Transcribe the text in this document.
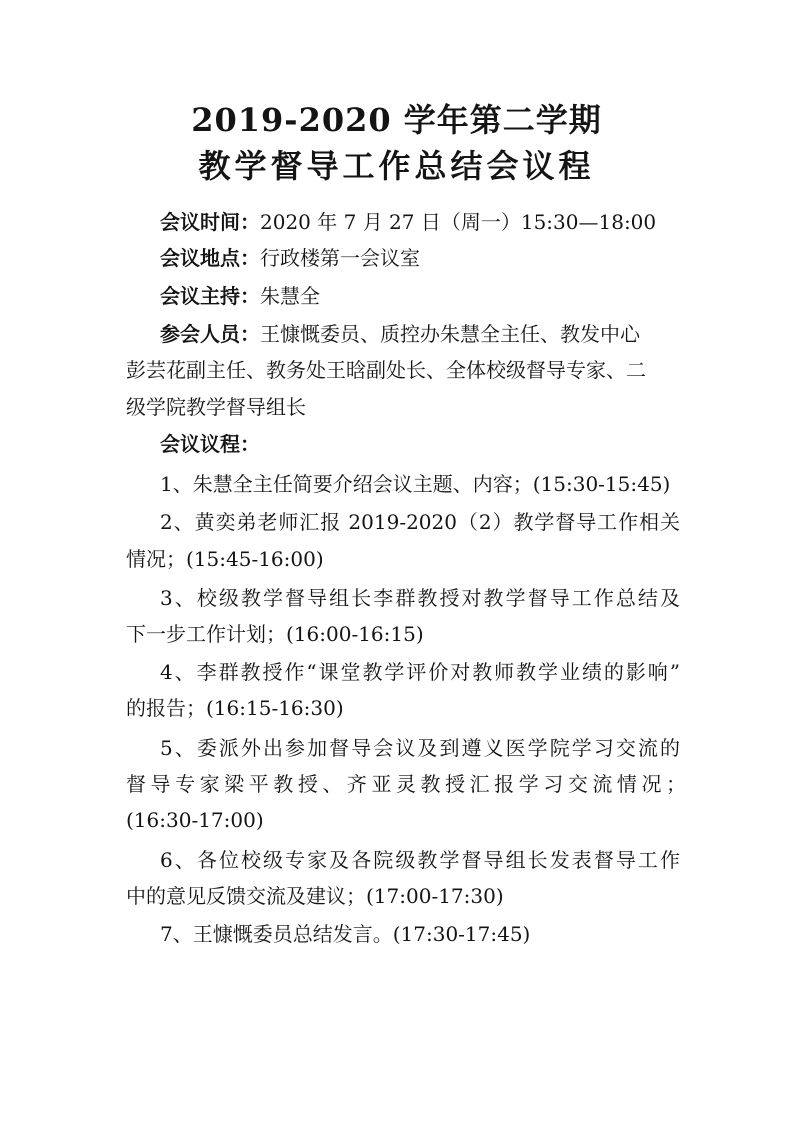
2019-2020 学年第二学期
教学督导工作总结会议程
会议时间：2020 年 7 月 27 日（周一）15:30—18:00
会议地点：行政楼第一会议室
会议主持：朱慧全
参会人员：王慷慨委员、质控办朱慧全主任、教发中心
彭芸花副主任、教务处王晗副处长、全体校级督导专家、二
级学院教学督导组长
会议议程：
1、朱慧全主任简要介绍会议主题、内容；(15:30-15:45)
2、黄奕弟老师汇报 2019-2020（2）教学督导工作相关
情况；(15:45-16:00)
3、校级教学督导组长李群教授对教学督导工作总结及
下一步工作计划；(16:00-16:15)
4、李群教授作“课堂教学评价对教师教学业绩的影响”
的报告；(16:15-16:30)
5、委派外出参加督导会议及到遵义医学院学习交流的
督导专家梁平教授、齐亚灵教授汇报学习交流情况；
(16:30-17:00)
6、各位校级专家及各院级教学督导组长发表督导工作
中的意见反馈交流及建议；(17:00-17:30)
7、王慷慨委员总结发言。(17:30-17:45)
